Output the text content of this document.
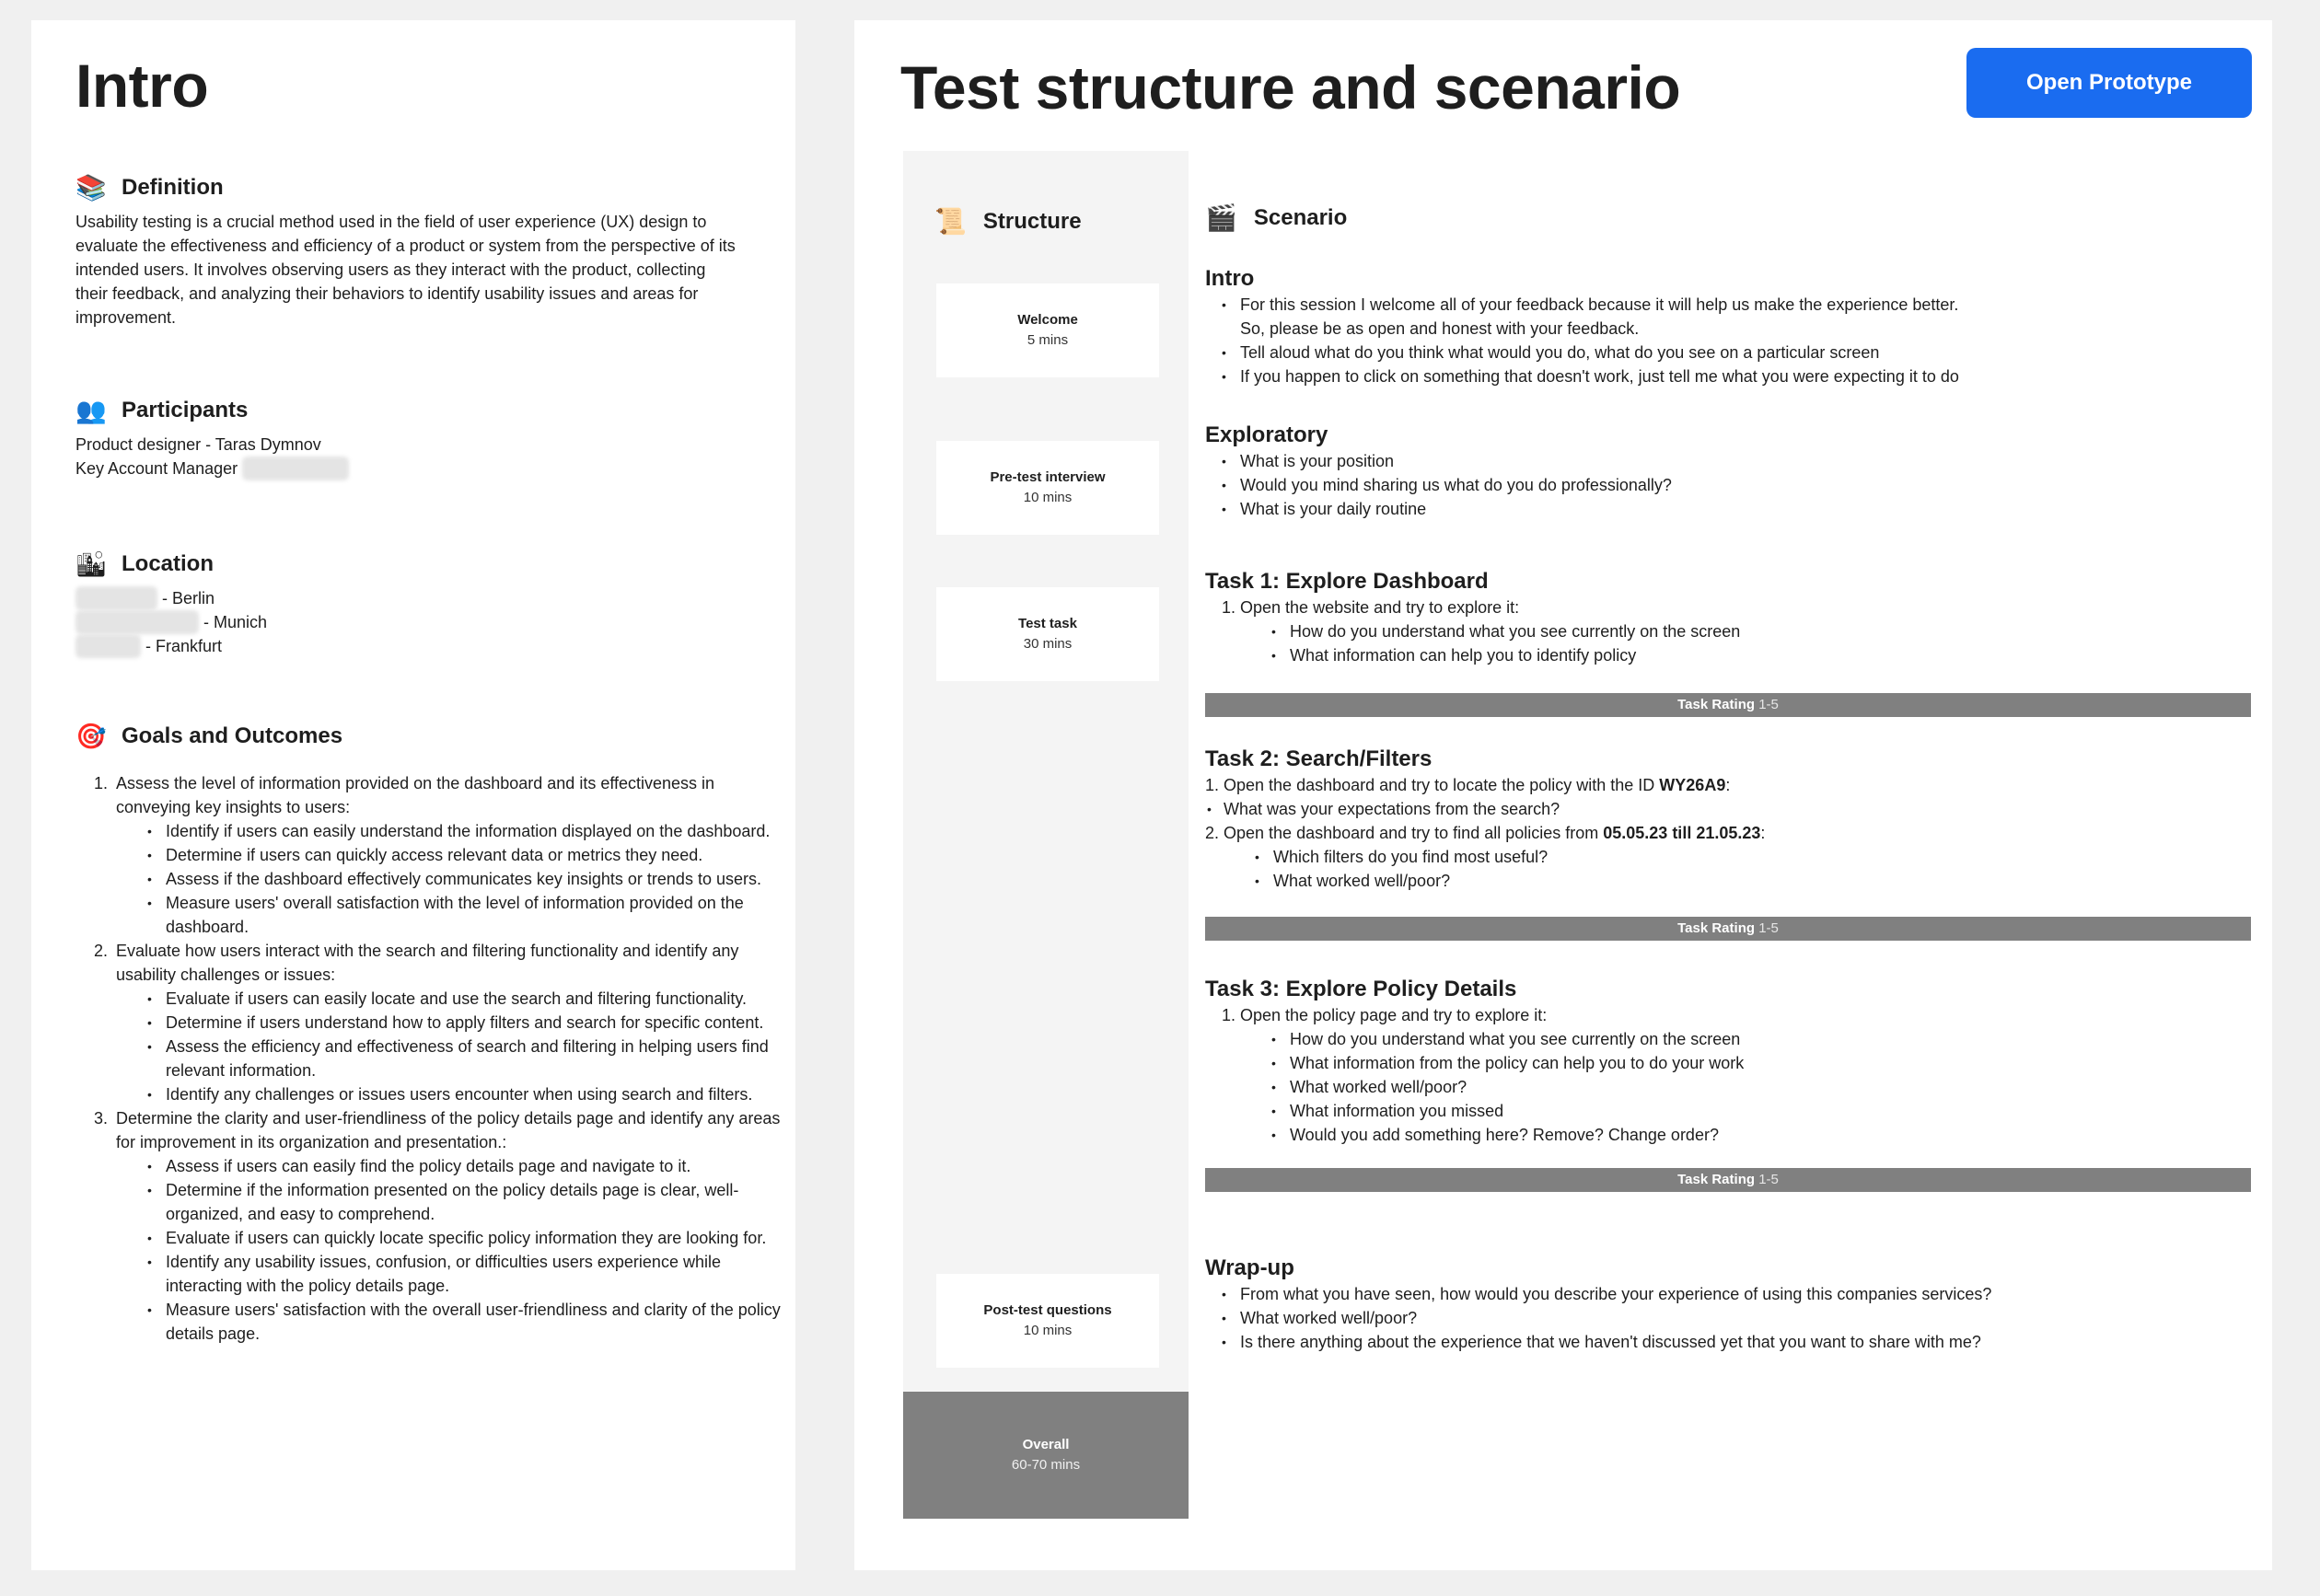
Intro
📚 Definition
Usability testing is a crucial method used in the field of user experience (UX) design to evaluate the effectiveness and efficiency of a product or system from the perspective of its intended users. It involves observing users as they interact with the product, collecting their feedback, and analyzing their behaviors to identify usability issues and areas for improvement.
👥 Participants
Product designer - Taras Dymnov
Key Account Manager
🏙 Location
- Berlin
- Munich
- Frankfurt
🎯 Goals and Outcomes
1. Assess the level of information provided on the dashboard and its effectiveness in conveying key insights to users:
• Identify if users can easily understand the information displayed on the dashboard.
• Determine if users can quickly access relevant data or metrics they need.
• Assess if the dashboard effectively communicates key insights or trends to users.
• Measure users' overall satisfaction with the level of information provided on the dashboard.
2. Evaluate how users interact with the search and filtering functionality and identify any usability challenges or issues:
• Evaluate if users can easily locate and use the search and filtering functionality.
• Determine if users understand how to apply filters and search for specific content.
• Assess the efficiency and effectiveness of search and filtering in helping users find relevant information.
• Identify any challenges or issues users encounter when using search and filters.
3. Determine the clarity and user-friendliness of the policy details page and identify any areas for improvement in its organization and presentation.:
• Assess if users can easily find the policy details page and navigate to it.
• Determine if the information presented on the policy details page is clear, well-organized, and easy to comprehend.
• Evaluate if users can quickly locate specific policy information they are looking for.
• Identify any usability issues, confusion, or difficulties users experience while interacting with the policy details page.
• Measure users' satisfaction with the overall user-friendliness and clarity of the policy details page.
Test structure and scenario	Open Prototype
📜 Structure
Welcome
5 mins
Pre-test interview
10 mins
Test task
30 mins
Post-test questions
10 mins
Overall
60-70 mins
🎬 Scenario
Intro
• For this session I welcome all of your feedback because it will help us make the experience better.
So, please be as open and honest with your feedback.
• Tell aloud what do you think what would you do, what do you see on a particular screen
• If you happen to click on something that doesn't work, just tell me what you were expecting it to do
Exploratory
• What is your position
• Would you mind sharing us what do you do professionally?
• What is your daily routine
Task 1: Explore Dashboard
1. Open the website and try to explore it:
• How do you understand what you see currently on the screen
• What information can help you to identify policy
Task Rating 1-5
Task 2: Search/Filters
1. Open the dashboard and try to locate the policy with the ID WY26A9:
• What was your expectations from the search?
2. Open the dashboard and try to find all policies from 05.05.23 till 21.05.23:
• Which filters do you find most useful?
• What worked well/poor?
Task Rating 1-5
Task 3: Explore Policy Details
1. Open the policy page and try to explore it:
• How do you understand what you see currently on the screen
• What information from the policy can help you to do your work
• What worked well/poor?
• What information you missed
• Would you add something here? Remove? Change order?
Task Rating 1-5
Wrap-up
• From what you have seen, how would you describe your experience of using this companies services?
• What worked well/poor?
• Is there anything about the experience that we haven't discussed yet that you want to share with me?
